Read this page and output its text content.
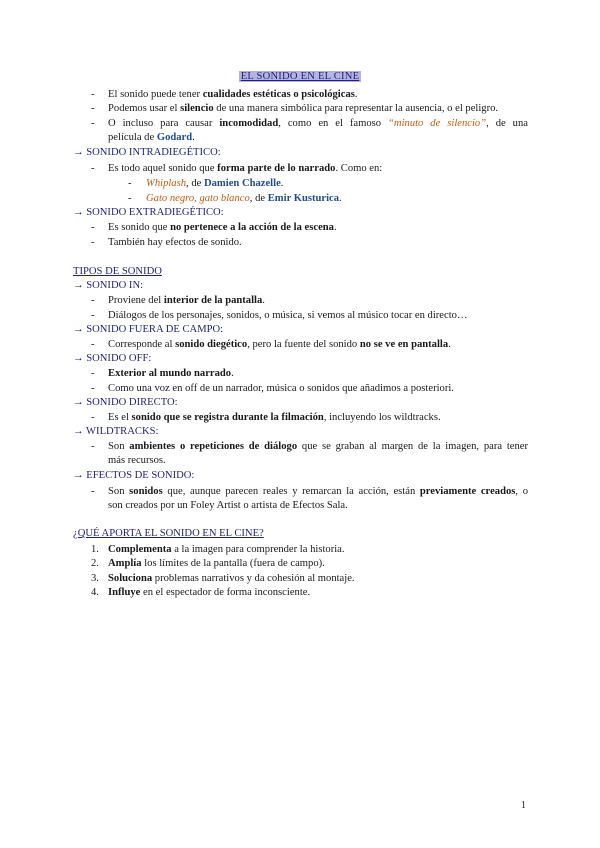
EL SONIDO EN EL CINE
- El sonido puede tener cualidades estéticas o psicológicas.
- Podemos usar el silencio de una manera simbólica para representar la ausencia, o el peligro.
- O incluso para causar incomodidad, como en el famoso “minuto de silencio”, de una
película de Godard.
→ SONIDO INTRADIEGÉTICO:
- Es todo aquel sonido que forma parte de lo narrado. Como en:
- Whiplash, de Damien Chazelle.
- Gato negro, gato blanco, de Emir Kusturica.
→ SONIDO EXTRADIEGÉTICO:
- Es sonido que no pertenece a la acción de la escena.
- También hay efectos de sonido.
TIPOS DE SONIDO
→ SONIDO IN:
- Proviene del interior de la pantalla.
- Diálogos de los personajes, sonidos, o música, si vemos al músico tocar en directo…
→ SONIDO FUERA DE CAMPO:
- Corresponde al sonido diegético, pero la fuente del sonido no se ve en pantalla.
→ SONIDO OFF:
- Exterior al mundo narrado.
- Como una voz en off de un narrador, música o sonidos que añadimos a posteriori.
→ SONIDO DIRECTO:
- Es el sonido que se registra durante la filmación, incluyendo los wildtracks.
→ WILDTRACKS:
- Son ambientes o repeticiones de diálogo que se graban al margen de la imagen, para tener
más recursos.
→ EFECTOS DE SONIDO:
- Son sonidos que, aunque parecen reales y remarcan la acción, están previamente creados, o
son creados por un Foley Artist o artista de Efectos Sala.
¿QUÉ APORTA EL SONIDO EN EL CINE?
1. Complementa a la imagen para comprender la historia.
2. Amplía los límites de la pantalla (fuera de campo).
3. Soluciona problemas narrativos y da cohesión al montaje.
4. Influye en el espectador de forma inconsciente.
1
